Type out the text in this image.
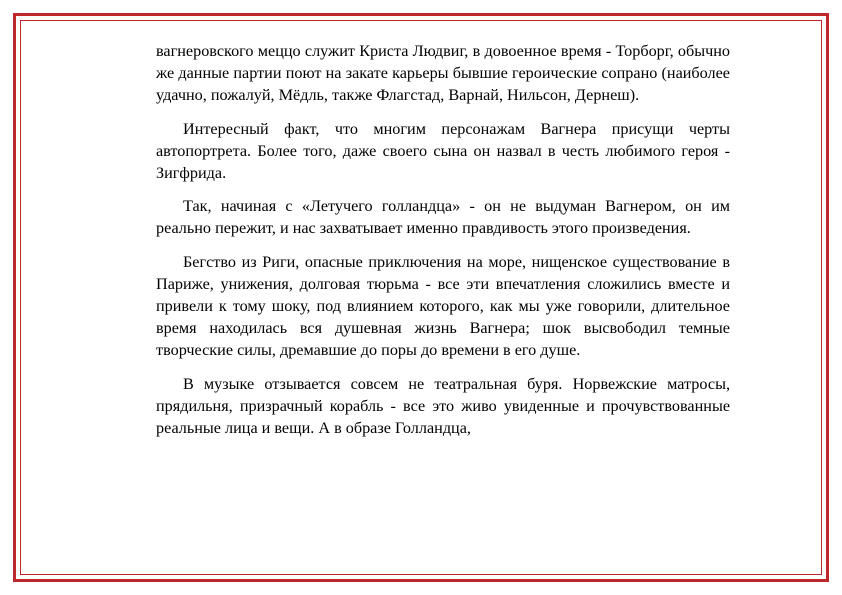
вагнеровского меццо служит Криста Людвиг, в довоенное время - Торборг, обычно же данные партии поют на закате карьеры бывшие героические сопрано (наиболее удачно, пожалуй, Мёдль, также Флагстад, Варнай, Нильсон, Дернеш).

Интересный факт, что многим персонажам Вагнера присущи черты автопортрета. Более того, даже своего сына он назвал в честь любимого героя - Зигфрида.

Так, начиная с «Летучего голландца» - он не выдуман Вагнером, он им реально пережит, и нас захватывает именно правдивость этого произведения.

Бегство из Риги, опасные приключения на море, нищенское существование в Париже, унижения, долговая тюрьма - все эти впечатления сложились вместе и привели к тому шоку, под влиянием которого, как мы уже говорили, длительное время находилась вся душевная жизнь Вагнера; шок высвободил темные творческие силы, дремавшие до поры до времени в его душе.

В музыке отзывается совсем не театральная буря. Норвежские матросы, прядильня, призрачный корабль - все это живо увиденные и прочувствованные реальные лица и вещи. А в образе Голландца,
